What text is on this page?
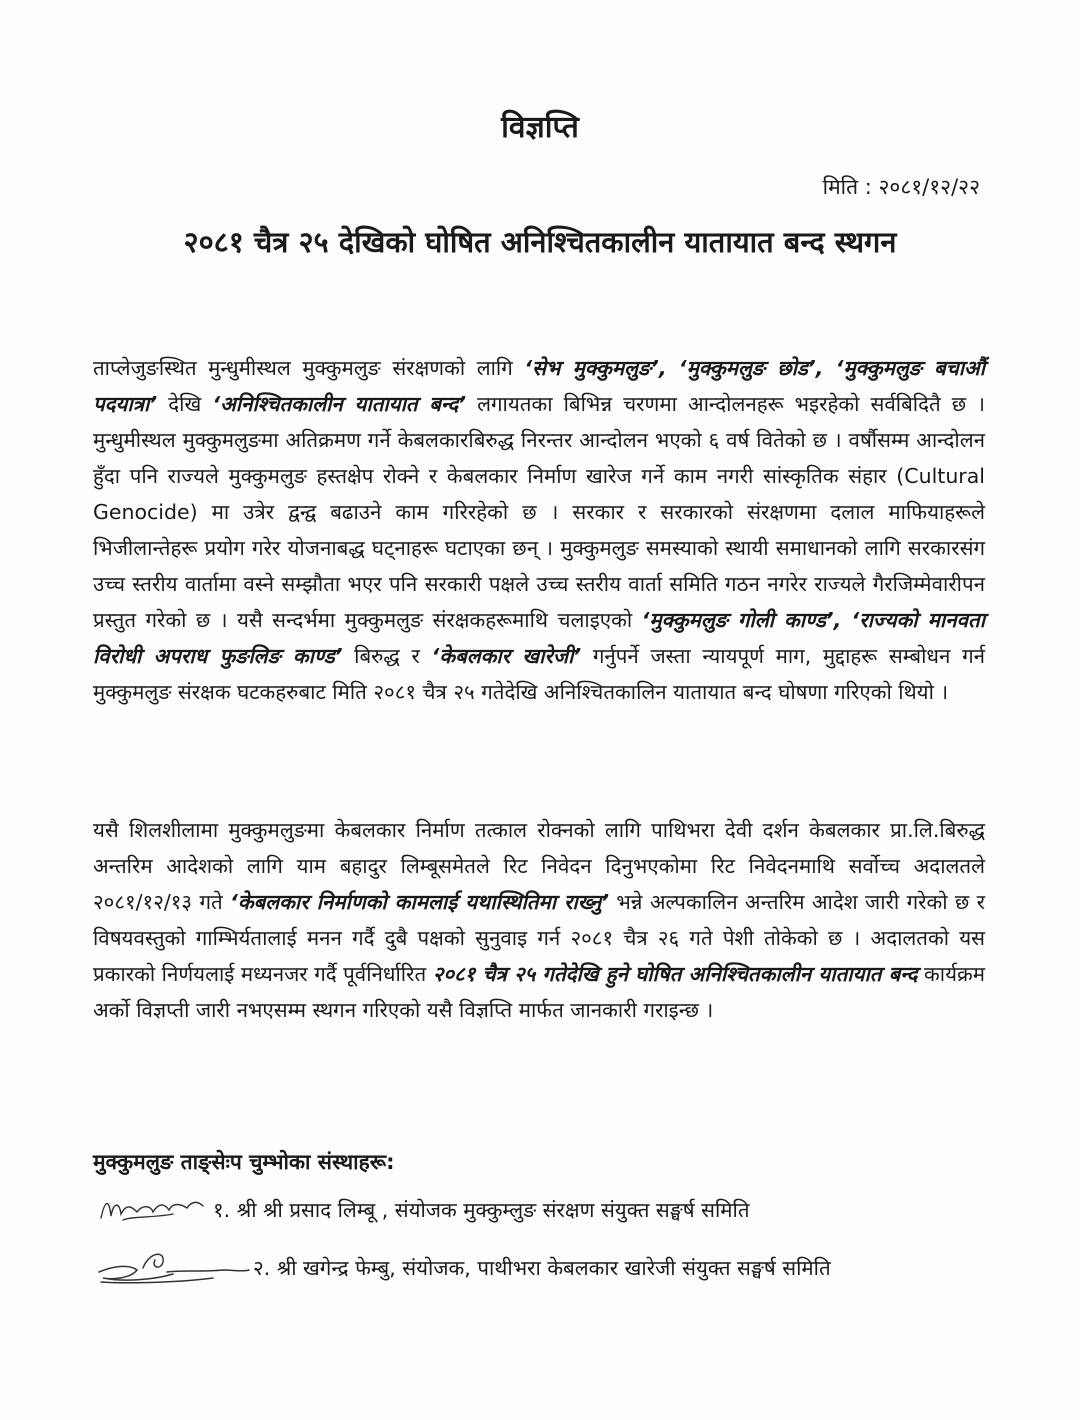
विज्ञप्ति
मिति : २०८१/१२/२२
२०८१ चैत्र २५ देखिको घोषित अनिश्चितकालीन यातायात बन्द स्थगन
ताप्लेजुङस्थित मुन्धुमीस्थल मुक्कुमलुङ संरक्षणको लागि ‘सेभ मुक्कुमलुङ’, ‘मुक्कुमलुङ छोड’, ‘मुक्कुमलुङ बचाऔं पदयात्रा’ देखि ‘अनिश्चितकालीन यातायात बन्द’ लगायतका बिभिन्न चरणमा आन्दोलनहरू भइरहेको सर्वबिदितै छ । मुन्धुमीस्थल मुक्कुमलुङमा अतिक्रमण गर्ने केबलकारबिरुद्ध निरन्तर आन्दोलन भएको ६ वर्ष वितेको छ । वर्षौसम्म आन्दोलन हुँदा पनि राज्यले मुक्कुमलुङ हस्तक्षेप रोक्ने र केबलकार निर्माण खारेज गर्ने काम नगरी सांस्कृतिक संहार (Cultural Genocide) मा उत्रेर द्वन्द्व बढाउने काम गरिरहेको छ । सरकार र सरकारको संरक्षणमा दलाल माफियाहरूले भिजीलान्तेहरू प्रयोग गरेर योजनाबद्ध घट्नाहरू घटाएका छन् । मुक्कुमलुङ समस्याको स्थायी समाधानको लागि सरकारसंग उच्च स्तरीय वार्तामा वस्ने सम्झौता भएर पनि सरकारी पक्षले उच्च स्तरीय वार्ता समिति गठन नगरेर राज्यले गैरजिम्मेवारीपन प्रस्तुत गरेको छ । यसै सन्दर्भमा मुक्कुमलुङ संरक्षकहरूमाथि चलाइएको ‘मुक्कुमलुङ गोली काण्ड’, ‘राज्यको मानवता विरोधी अपराध फुङलिङ काण्ड’ बिरुद्ध र ‘केबलकार खारेजी’ गर्नुपर्ने जस्ता न्यायपूर्ण माग, मुद्दाहरू सम्बोधन गर्न मुक्कुमलुङ संरक्षक घटकहरुबाट मिति २०८१ चैत्र २५ गतेदेखि अनिश्चितकालिन यातायात बन्द घोषणा गरिएको थियो ।
यसै शिलशीलामा मुक्कुमलुङमा केबलकार निर्माण तत्काल रोक्नको लागि पाथिभरा देवी दर्शन केबलकार प्रा.लि.बिरुद्ध अन्तरिम आदेशको लागि याम बहादुर लिम्बूसमेतले रिट निवेदन दिनुभएकोमा रिट निवेदनमाथि सर्वोच्च अदालतले २०८१/१२/१३ गते ‘केबलकार निर्माणको कामलाई यथास्थितिमा राख्नु’ भन्ने अल्पकालिन अन्तरिम आदेश जारी गरेको छ र विषयवस्तुको गाम्भिर्यतालाई मनन गर्दै दुबै पक्षको सुनुवाइ गर्न २०८१ चैत्र २६ गते पेशी तोकेको छ । अदालतको यस प्रकारको निर्णयलाई मध्यनजर गर्दै पूर्वनिर्धारित २०८१ चैत्र २५ गतेदेखि हुने घोषित अनिश्चितकालीन यातायात बन्द कार्यक्रम अर्को विज्ञप्ती जारी नभएसम्म स्थगन गरिएको यसै विज्ञप्ति मार्फत जानकारी गराइन्छ ।
मुक्कुमलुङ ताङ्सेःप चुम्भोका संस्थाहरू:
१. श्री श्री प्रसाद लिम्बू , संयोजक मुक्कुम्लुङ संरक्षण संयुक्त सङ्घर्ष समिति
२. श्री खगेन्द्र फेम्बु, संयोजक, पाथीभरा केबलकार खारेजी संयुक्त सङ्घर्ष समिति
